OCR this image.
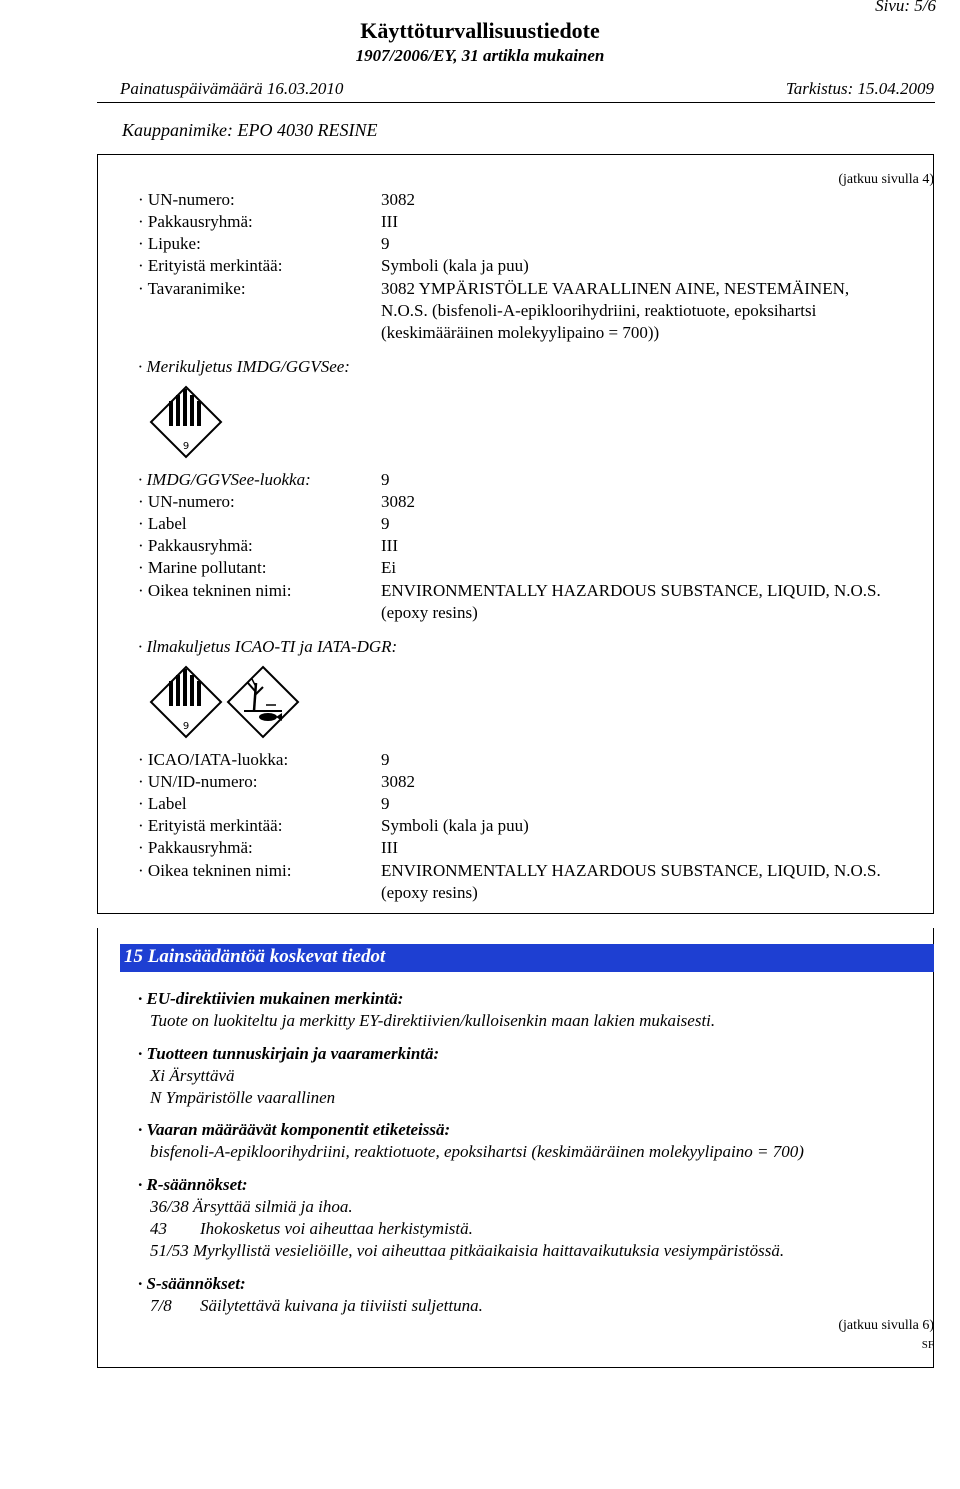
Sivu: 5/6
Käyttöturvallisuustiedote
1907/2006/EY, 31 artikla mukainen
Painatuspäivämäärä 16.03.2010	Tarkistus: 15.04.2009
Kauppanimike: EPO 4030 RESINE
(jatkuu sivulla 4)
· UN-numero:	3082
· Pakkausryhmä:	III
· Lipuke:	9
· Erityistä merkintää:	Symboli (kala ja puu)
· Tavaranimike:	3082 YMPÄRISTÖLLE VAARALLINEN AINE, NESTEMÄINEN,
N.O.S. (bisfenoli-A-epikloorihydriini, reaktiotuote, epoksihartsi
(keskimääräinen molekyylipaino = 700))
· Merikuljetus IMDG/GGVSee:
9
· IMDG/GGVSee-luokka:	9
· UN-numero:	3082
· Label	9
· Pakkausryhmä:	III
· Marine pollutant:	Ei
· Oikea tekninen nimi:	ENVIRONMENTALLY HAZARDOUS SUBSTANCE, LIQUID, N.O.S.
(epoxy resins)
· Ilmakuljetus ICAO-TI ja IATA-DGR:
9
· ICAO/IATA-luokka:	9
· UN/ID-numero:	3082
· Label	9
· Erityistä merkintää:	Symboli (kala ja puu)
· Pakkausryhmä:	III
· Oikea tekninen nimi:	ENVIRONMENTALLY HAZARDOUS SUBSTANCE, LIQUID, N.O.S.
(epoxy resins)
15 Lainsäädäntöä koskevat tiedot
· EU-direktiivien mukainen merkintä:
Tuote on luokiteltu ja merkitty EY-direktiivien/kulloisenkin maan lakien mukaisesti.
· Tuotteen tunnuskirjain ja vaaramerkintä:
Xi Ärsyttävä
N Ympäristölle vaarallinen
· Vaaran määräävät komponentit etiketeissä:
bisfenoli-A-epikloorihydriini, reaktiotuote, epoksihartsi (keskimääräinen molekyylipaino = 700)
· R-säännökset:
36/38 Ärsyttää silmiä ja ihoa.
43 Ihokosketus voi aiheuttaa herkistymistä.
51/53 Myrkyllistä vesieliöille, voi aiheuttaa pitkäaikaisia haittavaikutuksia vesiympäristössä.
· S-säännökset:
7/8 Säilytettävä kuivana ja tiiviisti suljettuna.
(jatkuu sivulla 6)
SF
